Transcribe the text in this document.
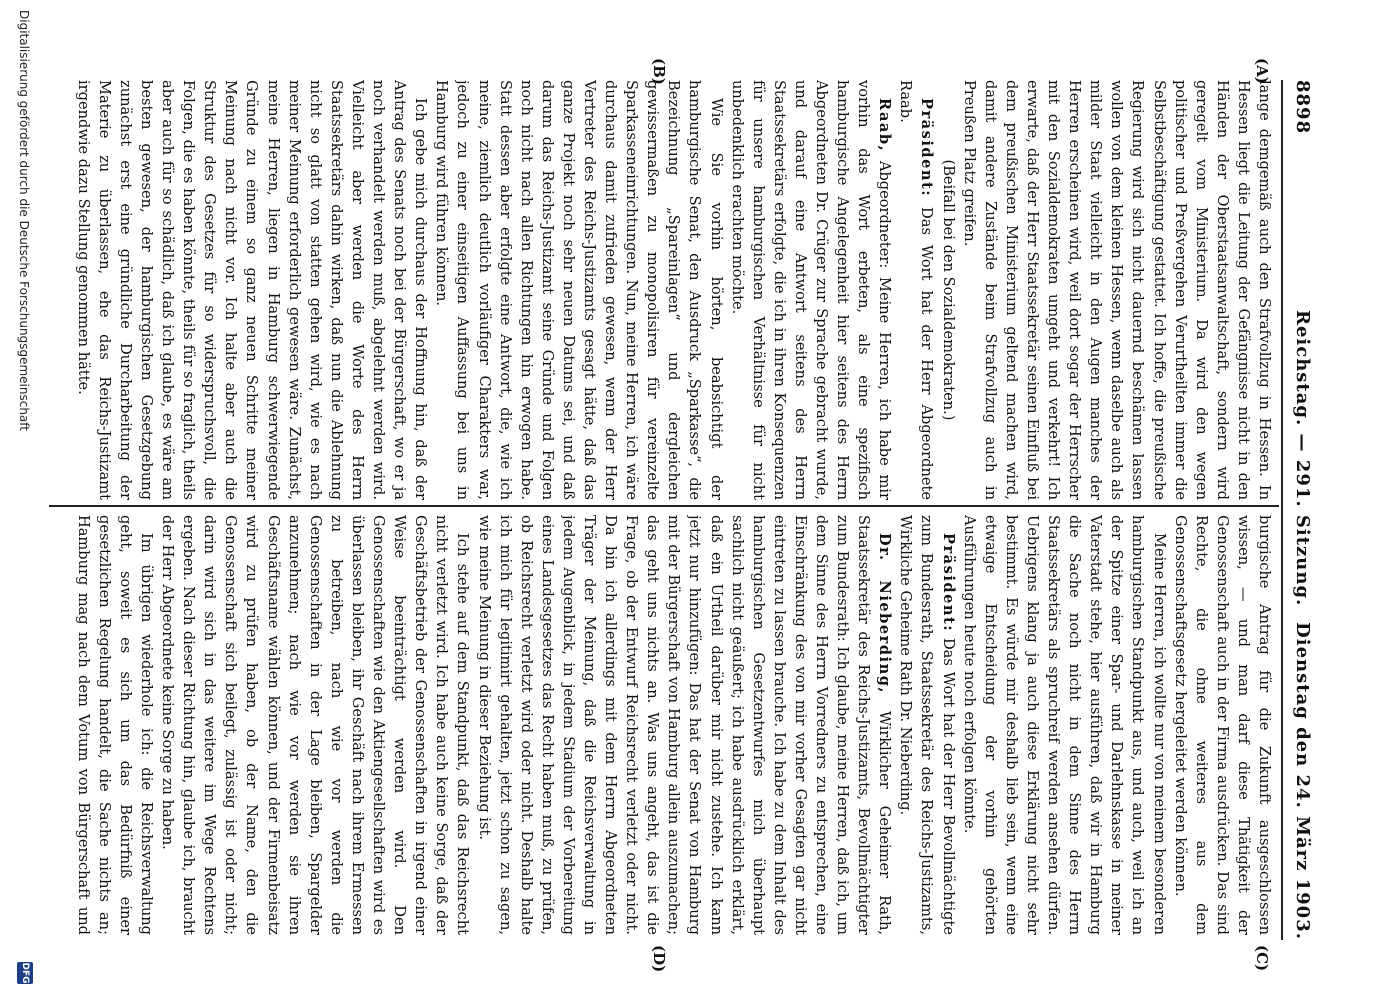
8898
Reichstag. — 291. Sitzung.
Dienstag den 24. März 1903.

lange demgemäß auch den Strafvollzug in Hessen. In Hessen liegt die Leitung der Gefängnisse nicht in den Händen der Oberstaatsanwaltschaft, sondern wird geregelt vom Ministerium. Da wird den wegen politischer und Preßvergehen Verurtheilten immer die Selbstbeschäftigung gestattet. Ich hoffe, die preußische Regierung wird sich nicht dauernd beschämen lassen wollen von dem kleinen Hessen, wenn daselbe auch als milder Staat vielleicht in den Augen manches der Herren erscheinen wird, weil dort sogar der Herrscher mit den Sozialdemokraten umgeht und verkehrt! Ich erwarte, daß der Herr Staatssekretär seinen Einfluß bei dem preußischen Ministerium geltend machen wird, damit andere Zustände beim Strafvollzug auch in Preußen Platz greifen.

(Beifall bei den Sozialdemokraten.)

Präsident: Das Wort hat der Herr Abgeordnete Raab.

Raab, Abgeordneter: Meine Herren, ich habe mir vorhin das Wort erbeten, als eine spezifisch hamburgische Angelegenheit hier seitens des Herrn Abgeordneten Dr. Crüger zur Sprache gebracht wurde, und darauf eine Antwort seitens des Herrn Staatssekretärs erfolgte, die ich in ihren Konsequenzen für unsere hamburgischen Verhältnisse für nicht unbedenklich erachten möchte.

Wie Sie vorhin hörten, beabsichtigt der hamburgische Senat, den Ausdruck „Sparkasse“, die Bezeichnung „Spareinlagen“ und dergleichen gewissermaßen zu monopolisiren für vereinzelte Sparkasseneinrichtungen. Nun, meine Herren, ich wäre durchaus damit zufrieden gewesen, wenn der Herr Vertreter des Reichs-Justizamts gesagt hätte, daß das ganze Projekt noch sehr neuen Datums sei, und daß darum das Reichs-Justizamt seine Gründe und Folgen noch nicht nach allen Richtungen hin erwogen habe. Statt dessen aber erfolgte eine Antwort, die, wie ich meine, ziemlich deutlich vorläufiger Charakters war, jedoch zu einer einseitigen Auffassung bei uns in Hamburg wird führen können.

Ich gebe mich durchaus der Hoffnung hin, daß der Antrag des Senats noch bei der Bürgerschaft, wo er ja noch verhandelt werden muß, abgelehnt werden wird. Vielleicht aber werden die Worte des Herrn Staatssekretärs dahin wirken, daß nun die Ablehnung nicht so glatt von statten gehen wird, wie es nach meiner Meinung erforderlich gewesen wäre. Zunächst, meine Herren, liegen in Hamburg schwerwiegende Gründe zu einem so ganz neuen Schritte meiner Meinung nach nicht vor. Ich halte aber auch die Struktur des Gesetzes für so widerspruchsvoll, die Folgen, die es haben könnte, theils für so fraglich, theils aber auch für so schädlich, daß ich glaube, es wäre am besten gewesen, der hamburgischen Gesetzgebung zunächst erst eine gründliche Durcharbeitung der Materie zu überlassen, ehe das Reichs-Justizamt irgendwie dazu Stellung genommen hätte.

burgische Antrag für die Zukunft ausgeschlossen wissen, — und man darf diese Thätigkeit der Genossenschaft auch in der Firma ausdrücken. Das sind Rechte, die ohne weiteres aus dem Genossenschaftsgesetz hergeleitet werden können.

Meine Herren, ich wollte nur von meinem besonderen hamburgischen Standpunkt aus, und auch, weil ich an der Spitze einer Spar- und Darlehnskasse in meiner Vaterstadt stehe, hier ausführen, daß wir in Hamburg die Sache noch nicht in dem Sinne des Herrn Staatssekretärs als spruchreif werden ansehen dürfen. Uebrigens klang ja auch diese Erklärung nicht sehr bestimmt. Es würde mir deshalb lieb sein, wenn eine etwaige Entscheidung der vorhin gehörten Ausführungen heute noch erfolgen könnte.

Präsident: Das Wort hat der Herr Bevollmächtigte zum Bundesrath, Staatssekretär des Reichs-Justizamts, Wirkliche Geheime Rath Dr. Nieberding.

Dr. Nieberding, Wirklicher Geheimer Rath, Staatssekretär des Reichs-Justizamts, Bevollmächtigter zum Bundesrath: Ich glaube, meine Herren, daß ich, um dem Sinne des Herrn Vorredners zu entsprechen, eine Einschränkung des von mir vorher Gesagten gar nicht eintreten zu lassen brauche. Ich habe zu dem Inhalt des hamburgischen Gesetzentwurfes mich überhaupt sachlich nicht geäußert; ich habe ausdrücklich erklärt, daß ein Urtheil darüber mir nicht zustehe. Ich kann jetzt nur hinzufügen: Das hat der Senat von Hamburg mit der Bürgerschaft von Hamburg allein auszumachen; das geht uns nichts an. Was uns angeht, das ist die Frage, ob der Entwurf Reichsrecht verletzt oder nicht. Da bin ich allerdings mit dem Herrn Abgeordneten Träger der Meinung, daß die Reichsverwaltung in jedem Augenblick, in jedem Stadium der Vorbereitung eines Landesgesetzes das Recht haben muß, zu prüfen, ob Reichsrecht verletzt wird oder nicht. Deshalb halte ich mich für legitimirt gehalten, jetzt schon zu sagen, wie meine Meinung in dieser Beziehung ist.

Ich stehe auf dem Standpunkt, daß das Reichsrecht nicht verletzt wird. Ich habe auch keine Sorge, daß der Geschäftsbetrieb der Genossenschaften in irgend einer Weise beeinträchtigt werden wird. Den Genossenschaften wie den Aktiengesellschaften wird es überlassen bleiben, ihr Geschäft nach ihrem Ermessen zu betreiben, nach wie vor werden die Genossenschaften in der Lage bleiben, Spargelder anzunehmen; nach wie vor werden sie ihren Geschäftsname wählen können, und der Firmenbeisatz wird zu prüfen haben, ob der Name, den die Genossenschaft sich beilegt, zulässig ist oder nicht; darin wird sich in das weitere im Wege Rechtens ergeben. Nach dieser Richtung hin, glaube ich, braucht der Herr Abgeordnete keine Sorge zu haben.

Im übrigen wiederhole ich: die Reichsverwaltung geht, soweit es sich um das Bedürfniß einer gesetzlichen Regelung handelt, die Sache nichts an; Hamburg mag nach dem Votum von Bürgerschaft und

(A)
(B)
(C)
(D)
Digitalisierung gefördert durch die Deutsche Forschungsgemeinschaft
DFG
